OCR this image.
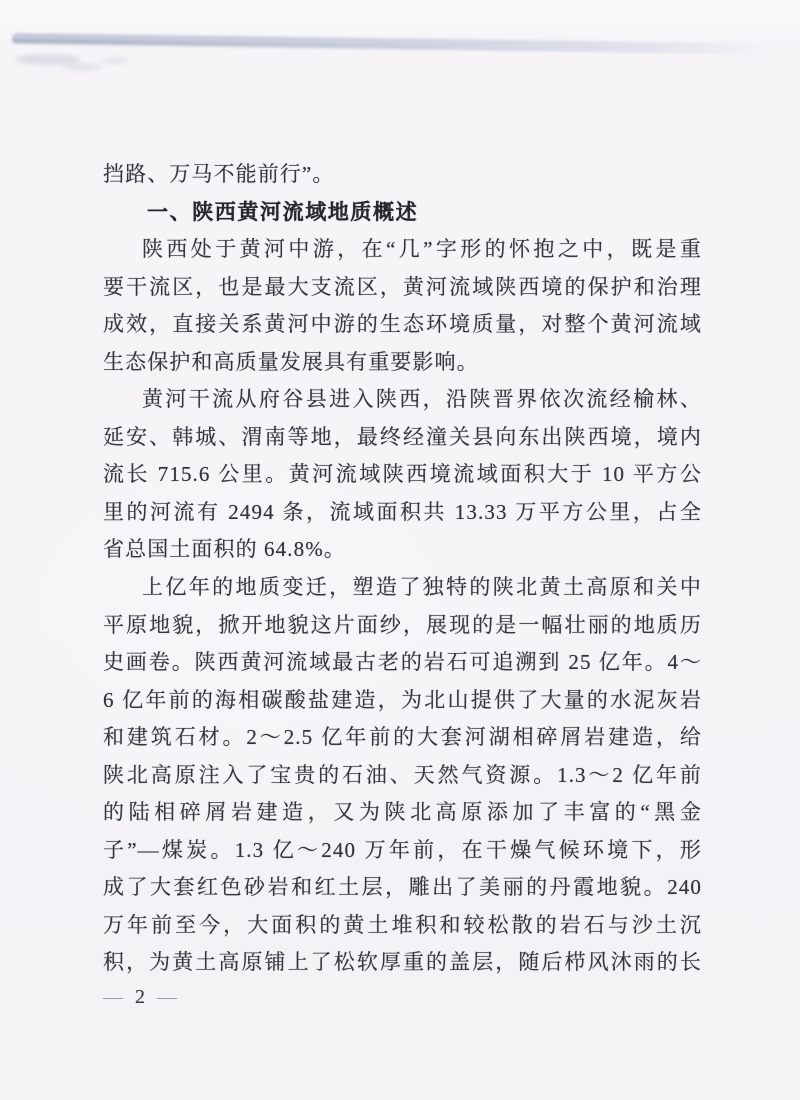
挡路、万马不能前行”。
一、陕西黄河流域地质概述
陕西处于黄河中游，在“几”字形的怀抱之中，既是重
要干流区，也是最大支流区，黄河流域陕西境的保护和治理
成效，直接关系黄河中游的生态环境质量，对整个黄河流域
生态保护和高质量发展具有重要影响。
黄河干流从府谷县进入陕西，沿陕晋界依次流经榆林、
延安、韩城、渭南等地，最终经潼关县向东出陕西境，境内
流长 715.6 公里。黄河流域陕西境流域面积大于 10 平方公
里的河流有 2494 条，流域面积共 13.33 万平方公里，占全
省总国土面积的 64.8%。
上亿年的地质变迁，塑造了独特的陕北黄土高原和关中
平原地貌，掀开地貌这片面纱，展现的是一幅壮丽的地质历
史画卷。陕西黄河流域最古老的岩石可追溯到 25 亿年。4～
6 亿年前的海相碳酸盐建造，为北山提供了大量的水泥灰岩
和建筑石材。2～2.5 亿年前的大套河湖相碎屑岩建造，给
陕北高原注入了宝贵的石油、天然气资源。1.3～2 亿年前
的陆相碎屑岩建造，又为陕北高原添加了丰富的“黑金
子”—煤炭。1.3 亿～240 万年前，在干燥气候环境下，形
成了大套红色砂岩和红土层，雕出了美丽的丹霞地貌。240
万年前至今，大面积的黄土堆积和较松散的岩石与沙土沉
积，为黄土高原铺上了松软厚重的盖层，随后栉风沐雨的长
— 2 —
